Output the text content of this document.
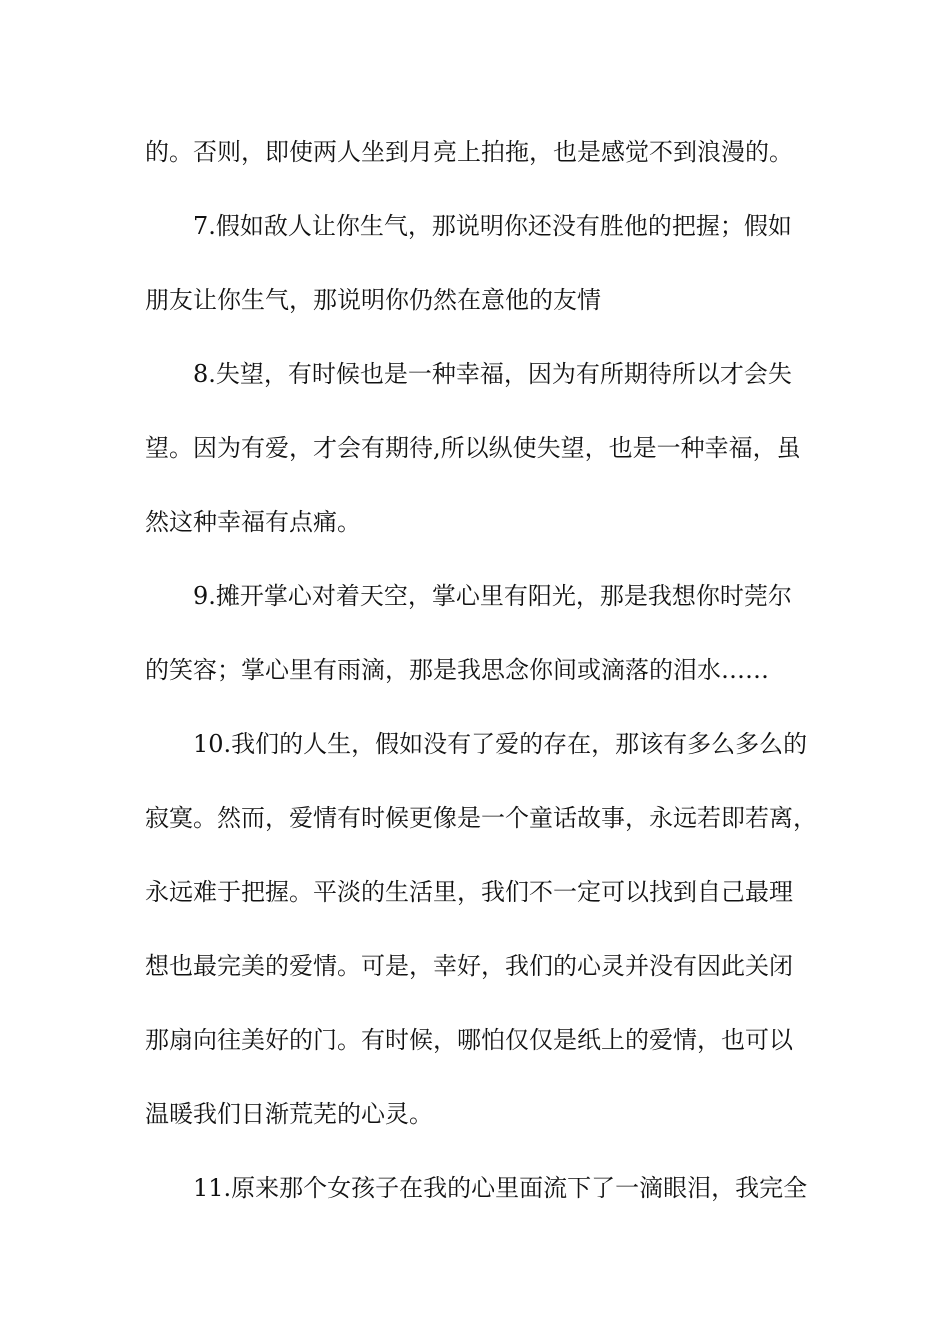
的。否则，即使两人坐到月亮上拍拖，也是感觉不到浪漫的。
7.假如敌人让你生气，那说明你还没有胜他的把握；假如
朋友让你生气，那说明你仍然在意他的友情
8.失望，有时候也是一种幸福，因为有所期待所以才会失
望。因为有爱，才会有期待,所以纵使失望，也是一种幸福，虽
然这种幸福有点痛。
9.摊开掌心对着天空，掌心里有阳光，那是我想你时莞尔
的笑容；掌心里有雨滴，那是我思念你间或滴落的泪水……
10.我们的人生，假如没有了爱的存在，那该有多么多么的
寂寞。然而，爱情有时候更像是一个童话故事，永远若即若离，
永远难于把握。平淡的生活里，我们不一定可以找到自己最理
想也最完美的爱情。可是，幸好，我们的心灵并没有因此关闭
那扇向往美好的门。有时候，哪怕仅仅是纸上的爱情，也可以
温暖我们日渐荒芜的心灵。
11.原来那个女孩子在我的心里面流下了一滴眼泪，我完全
